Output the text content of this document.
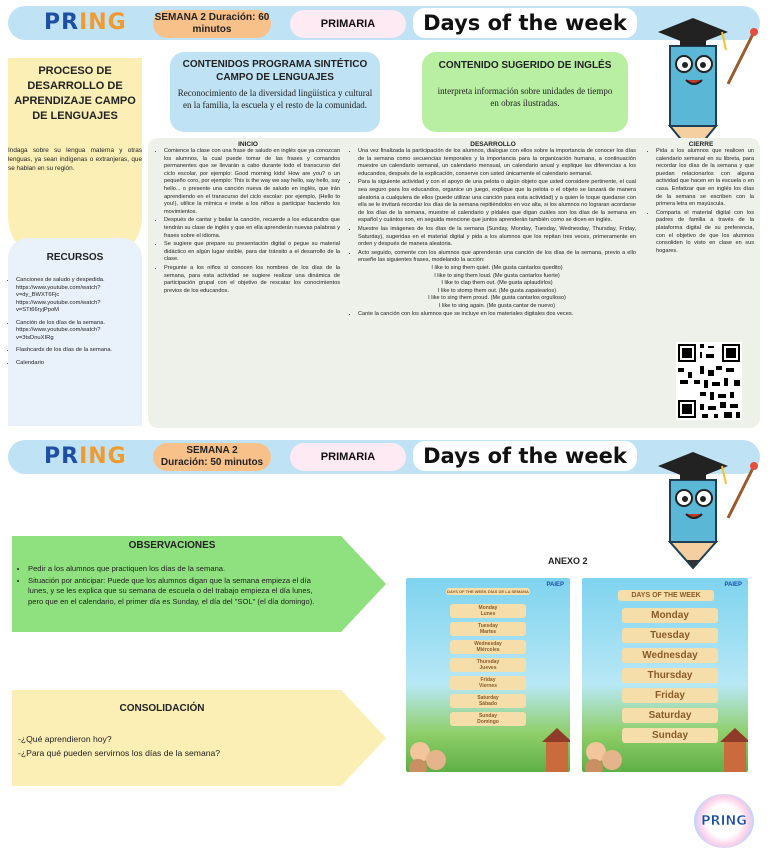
PRING	SEMANA 2 Duración: 60 minutos	PRIMARIA	Days of the week
PROCESO DE DESARROLLO DE APRENDIZAJE CAMPO DE LENGUAJES
Indaga sobre su lengua materna y otras lenguas, ya sean indígenas o extranjeras, que se hablan en su región.
CONTENIDOS PROGRAMA SINTÉTICO CAMPO DE LENGUAJES
Reconocimiento de la diversidad lingüística y cultural en la familia, la escuela y el resto de la comunidad.
CONTENIDO SUGERIDO DE INGLÉS
interpreta información sobre unidades de tiempo en obras ilustradas.
RECURSOS
• Canciones de saludo y despedida. https://www.youtube.com/watch?v=dy_BWXT6Fjc https://www.youtube.com/watch?v=STt66ryjPpoM
• Canción de los días de la semana. https://www.youtube.com/watch?v=3tsDnuXIRg
• Flashcards de los días de la semana.
• Calendario
INICIO
• Comience la clase con una frase de saludo en inglés que ya conozcan los alumnos, la cual puede tomar de las frases y comandos permanentes que se llevarán a cabo durante todo el transcurso del ciclo escolar, por ejemplo: Good morning kids! How are you? o un pequeño coro, por ejemplo: This is the way we say hello, say hello, say hello... o presente una canción nueva de saludo en inglés, que irán aprendiendo en el transcurso del ciclo escolar: por ejemplo, (Hello to you!), utilice la mímica e invite a los niños a participar haciendo los movimientos.
• Después de cantar y bailar la canción, recuerde a los educandos que tendrán su clase de inglés y que en ella aprenderán nuevas palabras y frases sobre el idioma.
• Se sugiere que prepare su presentación digital o pegue su material didáctico en algún lugar visible, para dar tránsito a el desarrollo de la clase.
• Pregunte a los niños si conocen los nombres de los días de la semana, para esta actividad se sugiere realizar una dinámica de participación grupal con el objetivo de rescatar los conocimientos previos de los educandos.
DESARROLLO
• Una vez finalizada la participación de los alumnos, dialogue con ellos sobre la importancia de conocer los días de la semana como secuencias temporales y la importancia para la organización humana, a continuación muestre un calendario semanal, un calendario mensual, un calendario anual y explique las diferencias a los educandos, después de la explicación, conserve con usted únicamente el calendario semanal.
• Para la siguiente actividad y con el apoyo de una pelota o algún objeto que usted considere pertinente, el cual sea seguro para los educandos, organice un juego, explique que la pelota o el objeto se lanzará de manera aleatoria a cualquiera de ellos (puede utilizar una canción para esta actividad) y a quien le toque quedarse con ella se le invitará recordar los días de la semana repitiéndolos en voz alta, si los alumnos no lograran acordarse de los días de la semana, muestre el calendario y pídales que digan cuáles son los días de la semana en español y cuántos son, en seguida mencione que juntos aprenderán también como se dicen en inglés.
• Muestre las imágenes de los días de la semana (Sunday, Monday, Tuesday, Wednesday, Thursday, Friday, Saturday), sugeridas en el material digital y pida a los alumnos que los repitan tres veces, primeramente en orden y después de manera aleatoria.
• Acto seguido, comente con los alumnos que aprenderán una canción de los días de la semana, previo a ello enseñe las siguientes frases, modelando la acción:
I like to sing them quiet. (Me gusta cantarlos quedito)
I like to sing them loud. (Me gusta cantarlos fuerte)
I like to clap them out. (Me gusta aplaudirlos)
I like to stomp them out. (Me gusta zapatearlos)
I like to sing them proud. (Me gusta cantarlos orgulloso)
I like to sing again. (Me gusta cantar de nuevo)
• Cante la canción con los alumnos que se incluye en los materiales digitales dos veces.
CIERRE
• Pida a los alumnos que realicen un calendario semanal en su libreta, para recordar los días de la semana y que puedan relacionarlos con alguna actividad que hacen en la escuela o en casa. Enfatizar que en inglés los días de la semana se escriben con la primera letra en mayúscula.
• Comparta el material digital con los padres de familia a través de la plataforma digital de su preferencia, con el objetivo de que los alumnos consoliden lo visto en clase en sus hogares.
PRING	SEMANA 2
Duración: 50 minutos	PRIMARIA	Days of the week
OBSERVACIONES
• Pedir a los alumnos que practiquen los días de la semana.
• Situación por anticipar: Puede que los alumnos digan que la semana empieza el día lunes, y se les explica que su semana de escuela o del trabajo empieza el día lunes, pero que en el calendario, el primer día es Sunday, el día del "SOL" (el día domingo).
CONSOLIDACIÓN
-¿Qué aprendieron hoy?
-¿Para qué pueden servirnos los días de la semana?
ANEXO 2
PAIEP
DAYS OF THE WEEK DÍAS DE LA SEMANA
Monday
Lunes
Tuesday
Martes
Wednesday
Miércoles
Thursday
Jueves
Friday
Viernes
Saturday
Sábado
Sunday
Domingo
PAIEP
DAYS OF THE WEEK
Monday
Tuesday
Wednesday
Thursday
Friday
Saturday
Sunday
PRING
